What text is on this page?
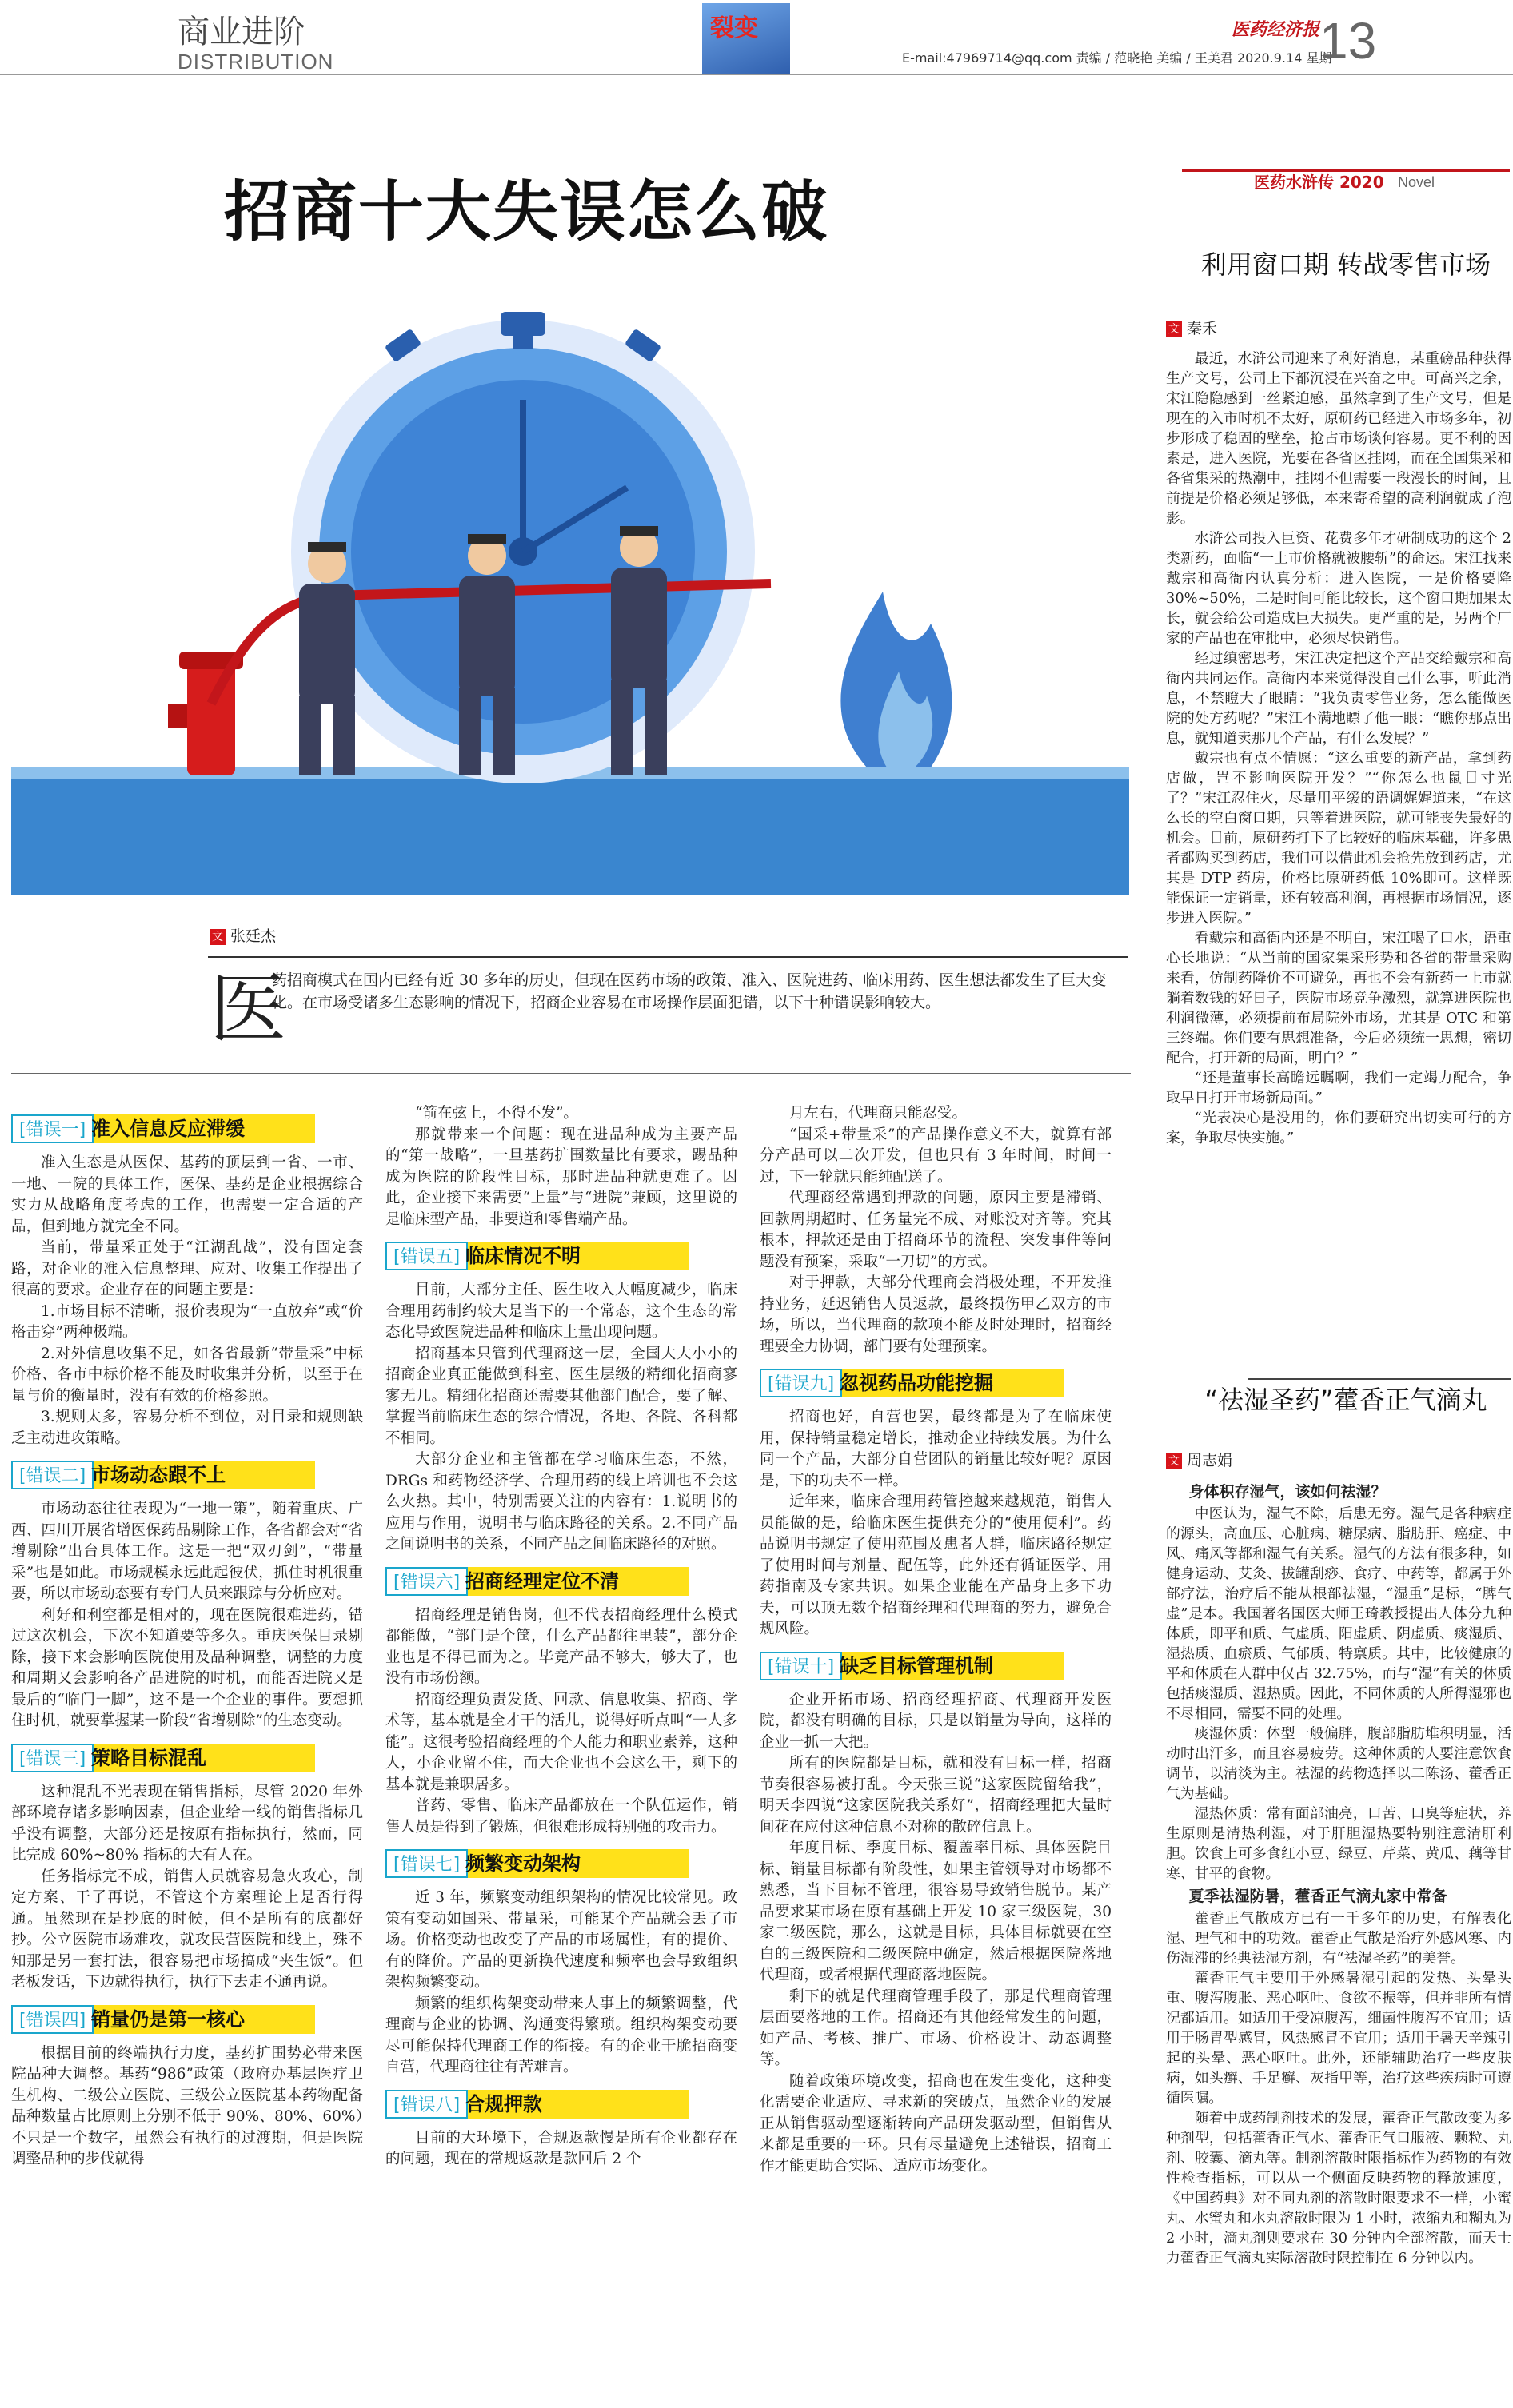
商业进阶
DISTRIBUTION
裂变
E-mail:47969714@qq.com 责编 / 范晓艳 美编 / 王美君 2020.9.14 星期一
医药经济报 13
招商十大失误怎么破
文 张廷杰
医
药招商模式在国内已经有近 30 多年的历史，但现在医药市场的政策、准入、医院进药、临床用药、医生想法都发生了巨大变化。在市场受诸多生态影响的情况下，招商企业容易在市场操作层面犯错，以下十种错误影响较大。
[错误一] 准入信息反应滞缓

准入生态是从医保、基药的顶层到一省、一市、一地、一院的具体工作，医保、基药是企业根据综合实力从战略角度考虑的工作，也需要一定合适的产品，但到地方就完全不同。

当前，带量采正处于“江湖乱战”，没有固定套路，对企业的准入信息整理、应对、收集工作提出了很高的要求。企业存在的问题主要是：

1.市场目标不清晰，报价表现为“一直放弃”或“价格击穿”两种极端。

2.对外信息收集不足，如各省最新“带量采”中标价格、各市中标价格不能及时收集并分析，以至于在量与价的衡量时，没有有效的价格参照。

3.规则太多，容易分析不到位，对目录和规则缺乏主动进攻策略。

[错误二] 市场动态跟不上

市场动态往往表现为“一地一策”，随着重庆、广西、四川开展省增医保药品剔除工作，各省都会对“省增剔除”出台具体工作。这是一把“双刃剑”，“带量采”也是如此。市场规模永远此起彼伏，抓住时机很重要，所以市场动态要有专门人员来跟踪与分析应对。

利好和利空都是相对的，现在医院很难进药，错过这次机会，下次不知道要等多久。重庆医保目录剔除，接下来会影响医院使用及品种调整，调整的力度和周期又会影响各产品进院的时机，而能否进院又是最后的“临门一脚”，这不是一个企业的事件。要想抓住时机，就要掌握某一阶段“省增剔除”的生态变动。

[错误三] 策略目标混乱

这种混乱不光表现在销售指标，尽管 2020 年外部环境存诸多影响因素，但企业给一线的销售指标几乎没有调整，大部分还是按原有指标执行，然而，同比完成 60%~80% 指标的大有人在。

任务指标完不成，销售人员就容易急火攻心，制定方案、干了再说，不管这个方案理论上是否行得通。虽然现在是抄底的时候，但不是所有的底都好抄。公立医院市场难攻，就攻民营医院和线上，殊不知那是另一套打法，很容易把市场搞成“夹生饭”。但老板发话，下边就得执行，执行下去走不通再说。

[错误四] 销量仍是第一核心

根据目前的终端执行力度，基药扩围势必带来医院品种大调整。基药“986”政策（政府办基层医疗卫生机构、二级公立医院、三级公立医院基本药物配备品种数量占比原则上分别不低于 90%、80%、60%）不只是一个数字，虽然会有执行的过渡期，但是医院调整品种的步伐就得

“箭在弦上，不得不发”。

那就带来一个问题：现在进品种成为主要产品的“第一战略”，一旦基药扩围数量比有要求，踢品种成为医院的阶段性目标，那时进品种就更难了。因此，企业接下来需要“上量”与“进院”兼顾，这里说的是临床型产品，非要道和零售端产品。

[错误五] 临床情况不明

目前，大部分主任、医生收入大幅度减少，临床合理用药制约较大是当下的一个常态，这个生态的常态化导致医院进品种和临床上量出现问题。

招商基本只管到代理商这一层，全国大大小小的招商企业真正能做到科室、医生层级的精细化招商寥寥无几。精细化招商还需要其他部门配合，要了解、掌握当前临床生态的综合情况，各地、各院、各科都不相同。

大部分企业和主管都在学习临床生态，不然，DRGs 和药物经济学、合理用药的线上培训也不会这么火热。其中，特别需要关注的内容有：1.说明书的应用与作用，说明书与临床路径的关系。2.不同产品之间说明书的关系，不同产品之间临床路径的对照。

[错误六] 招商经理定位不清

招商经理是销售岗，但不代表招商经理什么模式都能做，“部门是个筐，什么产品都往里装”，部分企业也是不得已而为之。毕竟产品不够大，够大了，也没有市场份额。

招商经理负责发货、回款、信息收集、招商、学术等，基本就是全才干的活儿，说得好听点叫“一人多能”。这很考验招商经理的个人能力和职业素养，这种人，小企业留不住，而大企业也不会这么干，剩下的基本就是兼职居多。

普药、零售、临床产品都放在一个队伍运作，销售人员是得到了锻炼，但很难形成特别强的攻击力。

[错误七] 频繁变动架构

近 3 年，频繁变动组织架构的情况比较常见。政策有变动如国采、带量采，可能某个产品就会丢了市场。价格变动也改变了产品的市场属性，有的提价、有的降价。产品的更新换代速度和频率也会导致组织架构频繁变动。

频繁的组织构架变动带来人事上的频繁调整，代理商与企业的协调、沟通变得繁琐。组织构架变动要尽可能保持代理商工作的衔接。有的企业干脆招商变自营，代理商往往有苦难言。

[错误八] 合规押款

目前的大环境下，合规返款慢是所有企业都存在的问题，现在的常规返款是款回后 2 个

月左右，代理商只能忍受。

“国采+带量采”的产品操作意义不大，就算有部分产品可以二次开发，但也只有 3 年时间，时间一过，下一轮就只能纯配送了。

代理商经常遇到押款的问题，原因主要是滞销、回款周期超时、任务量完不成、对账没对齐等。究其根本，押款还是由于招商环节的流程、突发事件等问题没有预案，采取“一刀切”的方式。

对于押款，大部分代理商会消极处理，不开发推持业务，延迟销售人员返款，最终损伤甲乙双方的市场，所以，当代理商的款项不能及时处理时，招商经理要全力协调，部门要有处理预案。

[错误九] 忽视药品功能挖掘

招商也好，自营也罢，最终都是为了在临床使用，保持销量稳定增长，推动企业持续发展。为什么同一个产品，大部分自营团队的销量比较好呢？原因是，下的功夫不一样。

近年来，临床合理用药管控越来越规范，销售人员能做的是，给临床医生提供充分的“使用便利”。药品说明书规定了使用范围及患者人群，临床路径规定了使用时间与剂量、配伍等，此外还有循证医学、用药指南及专家共识。如果企业能在产品身上多下功夫，可以顶无数个招商经理和代理商的努力，避免合规风险。

[错误十] 缺乏目标管理机制

企业开拓市场、招商经理招商、代理商开发医院，都没有明确的目标，只是以销量为导向，这样的企业一抓一大把。

所有的医院都是目标，就和没有目标一样，招商节奏很容易被打乱。今天张三说“这家医院留给我”，明天李四说“这家医院我关系好”，招商经理把大量时间花在应付这种信息不对称的散碎信息上。

年度目标、季度目标、覆盖率目标、具体医院目标、销量目标都有阶段性，如果主管领导对市场都不熟悉，当下目标不管理，很容易导致销售脱节。某产品要求某市场在原有基础上开发 10 家三级医院，30 家二级医院，那么，这就是目标，具体目标就要在空白的三级医院和二级医院中确定，然后根据医院落地代理商，或者根据代理商落地医院。

剩下的就是代理商管理手段了，那是代理商管理层面要落地的工作。招商还有其他经常发生的问题，如产品、考核、推广、市场、价格设计、动态调整等。

随着政策环境改变，招商也在发生变化，这种变化需要企业适应、寻求新的突破点，虽然企业的发展正从销售驱动型逐渐转向产品研发驱动型，但销售从来都是重要的一环。只有尽量避免上述错误，招商工作才能更助合实际、适应市场变化。

医药水浒传 2020 Novel
利用窗口期 转战零售市场
文 秦禾

最近，水浒公司迎来了利好消息，某重磅品种获得生产文号，公司上下都沉浸在兴奋之中。可高兴之余，宋江隐隐感到一丝紧迫感，虽然拿到了生产文号，但是现在的入市时机不太好，原研药已经进入市场多年，初步形成了稳固的壁垒，抢占市场谈何容易。更不利的因素是，进入医院，光要在各省区挂网，而在全国集采和各省集采的热潮中，挂网不但需要一段漫长的时间，且前提是价格必须足够低，本来寄希望的高利润就成了泡影。

水浒公司投入巨资、花费多年才研制成功的这个 2 类新药，面临“一上市价格就被腰斩”的命运。宋江找来戴宗和高衙内认真分析：进入医院，一是价格要降 30%~50%，二是时间可能比较长，这个窗口期加果太长，就会给公司造成巨大损失。更严重的是，另两个厂家的产品也在审批中，必须尽快销售。

经过缜密思考，宋江决定把这个产品交给戴宗和高衙内共同运作。高衙内本来觉得没自己什么事，听此消息，不禁瞪大了眼睛：“我负责零售业务，怎么能做医院的处方药呢？”宋江不满地瞟了他一眼：“瞧你那点出息，就知道卖那几个产品，有什么发展？”

戴宗也有点不情愿：“这么重要的新产品，拿到药店做，岂不影响医院开发？”“你怎么也鼠目寸光了？”宋江忍住火，尽量用平缓的语调娓娓道来，“在这么长的空白窗口期，只等着进医院，就可能丧失最好的机会。目前，原研药打下了比较好的临床基础，许多患者都购买到药店，我们可以借此机会抢先放到药店，尤其是 DTP 药房，价格比原研药低 10%即可。这样既能保证一定销量，还有较高利润，再根据市场情况，逐步进入医院。”

看戴宗和高衙内还是不明白，宋江喝了口水，语重心长地说：“从当前的国家集采形势和各省的带量采购来看，仿制药降价不可避免，再也不会有新药一上市就躺着数钱的好日子，医院市场竞争激烈，就算进医院也利润微薄，必须提前布局院外市场，尤其是 OTC 和第三终端。你们要有思想准备，今后必须统一思想，密切配合，打开新的局面，明白？”

“还是董事长高瞻远瞩啊，我们一定竭力配合，争取早日打开市场新局面。”

“光表决心是没用的，你们要研究出切实可行的方案，争取尽快实施。”

“祛湿圣药”藿香正气滴丸
文 周志娟
身体积存湿气，该如何祛湿？

中医认为，湿气不除，后患无穷。湿气是各种病症的源头，高血压、心脏病、糖尿病、脂肪肝、癌症、中风、痛风等都和湿气有关系。湿气的方法有很多种，如健身运动、艾灸、拔罐刮痧、食疗、中药等，都属于外部疗法，治疗后不能从根部祛湿，“湿重”是标，“脾气虚”是本。我国著名国医大师王琦教授提出人体分九种体质，即平和质、气虚质、阳虚质、阴虚质、痰湿质、湿热质、血瘀质、气郁质、特禀质。其中，比较健康的平和体质在人群中仅占 32.75%，而与“湿”有关的体质包括痰湿质、湿热质。因此，不同体质的人所得湿邪也不尽相同，需要不同的处理。

痰湿体质：体型一般偏胖，腹部脂肪堆积明显，活动时出汗多，而且容易疲劳。这种体质的人要注意饮食调节，以清淡为主。祛湿的药物选择以二陈汤、藿香正气为基础。

湿热体质：常有面部油亮，口苦、口臭等症状，养生原则是清热利湿，对于肝胆湿热要特别注意清肝利胆。饮食上可多食红小豆、绿豆、芹菜、黄瓜、藕等甘寒、甘平的食物。

夏季祛湿防暑，藿香正气滴丸家中常备

藿香正气散成方已有一千多年的历史，有解表化湿、理气和中的功效。藿香正气散是治疗外感风寒、内伤湿滞的经典祛湿方剂，有“祛湿圣药”的美誉。

藿香正气主要用于外感暑湿引起的发热、头晕头重、腹泻腹胀、恶心呕吐、食欲不振等，但并非所有情况都适用。如适用于受凉腹泻，细菌性腹泻不宜用；适用于肠胃型感冒，风热感冒不宜用；适用于暑天辛辣引起的头晕、恶心呕吐。此外，还能辅助治疗一些皮肤病，如头癣、手足癣、灰指甲等，治疗这些疾病时可遵循医嘱。

随着中成药制剂技术的发展，藿香正气散改变为多种剂型，包括藿香正气水、藿香正气口服液、颗粒、丸剂、胶囊、滴丸等。制剂溶散时限指标作为药物的有效性检查指标，可以从一个侧面反映药物的释放速度，《中国药典》对不同丸剂的溶散时限要求不一样，小蜜丸、水蜜丸和水丸溶散时限为 1 小时，浓缩丸和糊丸为 2 小时，滴丸剂则要求在 30 分钟内全部溶散，而天士力藿香正气滴丸实际溶散时限控制在 6 分钟以内。
